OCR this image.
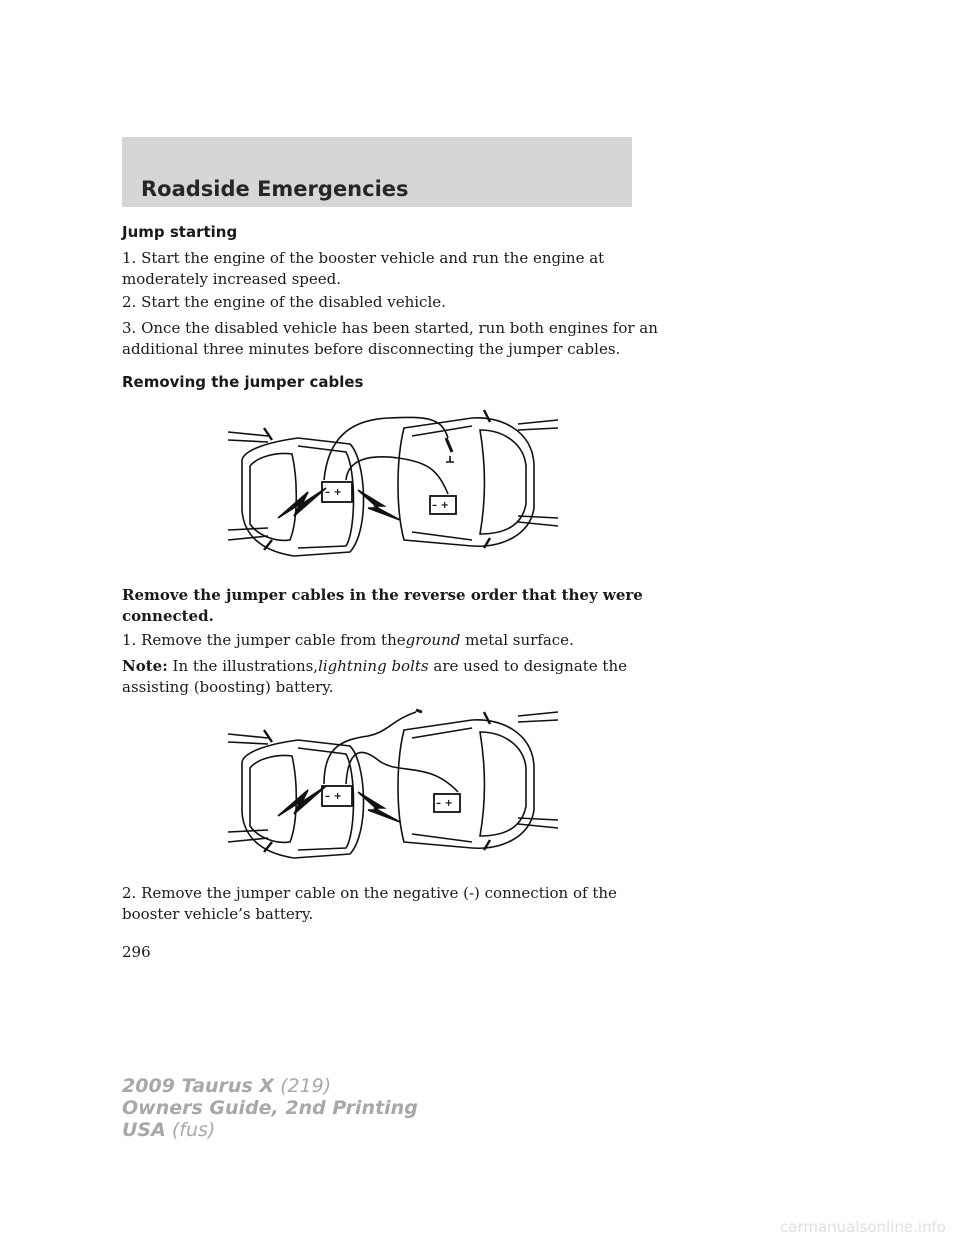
Roadside Emergencies
Jump starting

1. Start the engine of the booster vehicle and run the engine at moderately increased speed.

2. Start the engine of the disabled vehicle.

3. Once the disabled vehicle has been started, run both engines for an additional three minutes before disconnecting the jumper cables.

Removing the jumper cables
– +
– +

Remove the jumper cables in the reverse order that they were connected.

1. Remove the jumper cable from theground metal surface.

Note: In the illustrations,lightning bolts are used to designate the assisting (boosting) battery.

– +
– +

2. Remove the jumper cable on the negative (-) connection of the booster vehicle’s battery.

296

2009 Taurus X (219)
Owners Guide, 2nd Printing
USA (fus)
carmanualsonline.info
